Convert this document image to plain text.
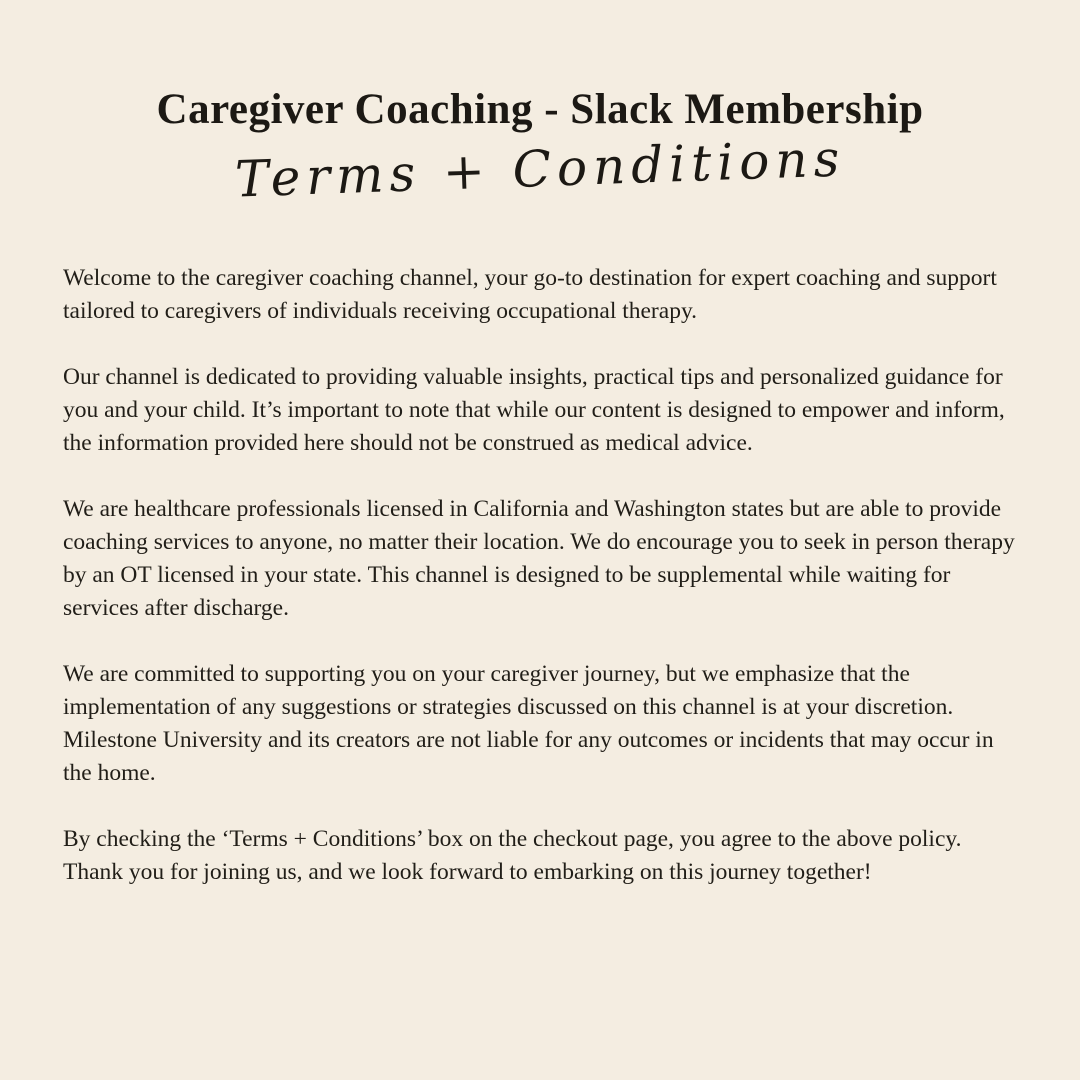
Caregiver Coaching - Slack Membership
Terms + Conditions

Welcome to the caregiver coaching channel, your go-to destination for expert coaching and support tailored to caregivers of individuals receiving occupational therapy.

Our channel is dedicated to providing valuable insights, practical tips and personalized guidance for you and your child. It’s important to note that while our content is designed to empower and inform, the information provided here should not be construed as medical advice.

We are healthcare professionals licensed in California and Washington states but are able to provide coaching services to anyone, no matter their location. We do encourage you to seek in person therapy by an OT licensed in your state. This channel is designed to be supplemental while waiting for services after discharge.

We are committed to supporting you on your caregiver journey, but we emphasize that the implementation of any suggestions or strategies discussed on this channel is at your discretion. Milestone University and its creators are not liable for any outcomes or incidents that may occur in the home.

By checking the ‘Terms + Conditions’ box on the checkout page, you agree to the above policy. Thank you for joining us, and we look forward to embarking on this journey together!
